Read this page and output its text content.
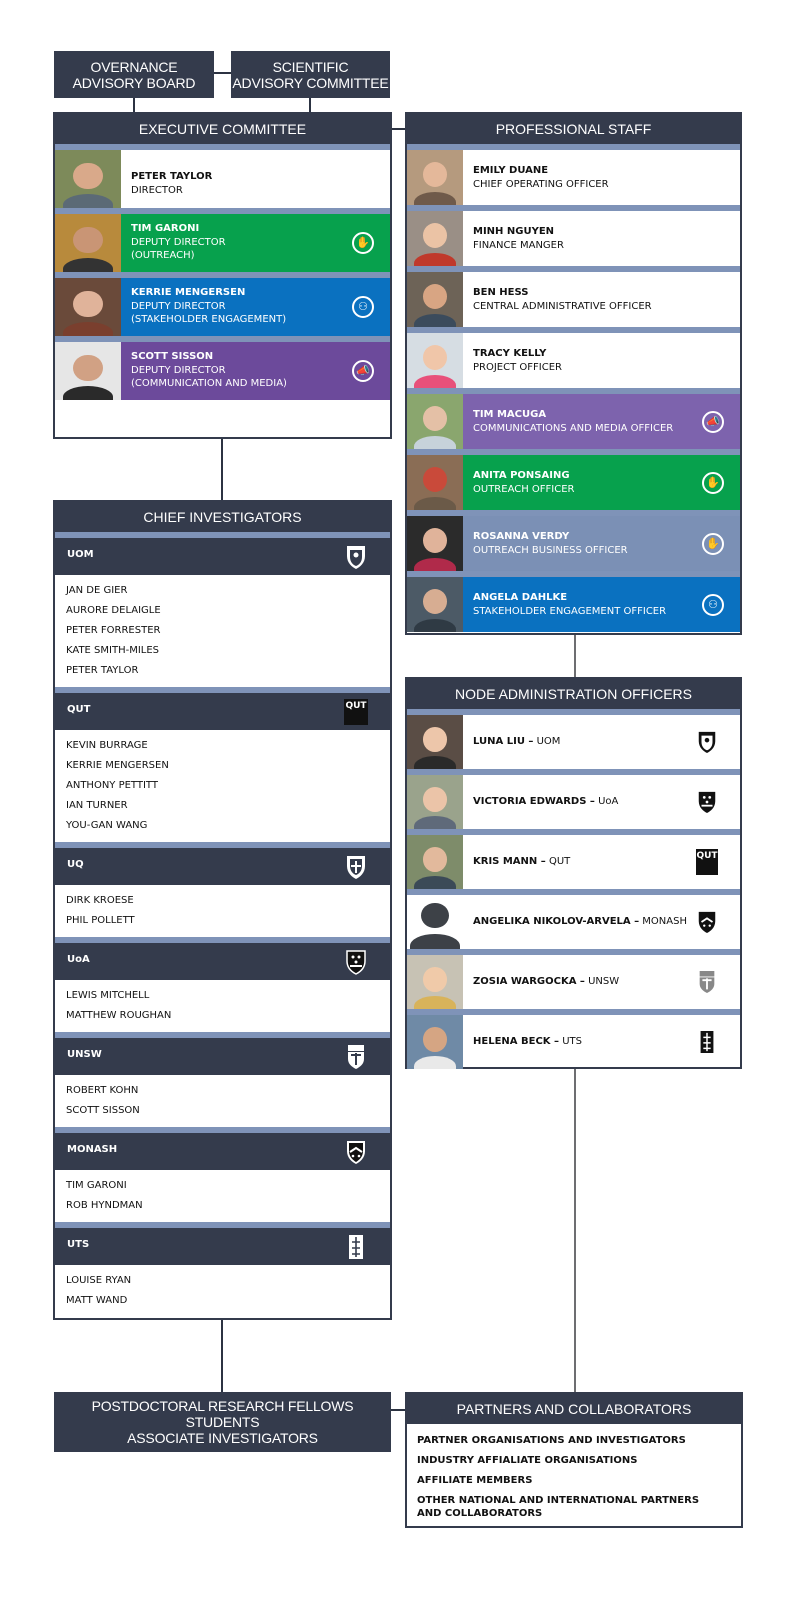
OVERNANCE
ADVISORY BOARD
SCIENTIFIC
ADVISORY COMMITTEE
EXECUTIVE COMMITTEE
PETER TAYLOR
DIRECTOR
TIM GARONI
DEPUTY DIRECTOR
(OUTREACH)
✋
KERRIE MENGERSEN
DEPUTY DIRECTOR
(STAKEHOLDER ENGAGEMENT)
⚇
SCOTT SISSON
DEPUTY DIRECTOR
(COMMUNICATION AND MEDIA)
📣
CHIEF INVESTIGATORS
UOM
JAN DE GIER
AURORE DELAIGLE
PETER FORRESTER
KATE SMITH-MILES
PETER TAYLOR
QUT	QUT
KEVIN BURRAGE
KERRIE MENGERSEN
ANTHONY PETTITT
IAN TURNER
YOU-GAN WANG
UQ
DIRK KROESE
PHIL POLLETT
UoA
LEWIS MITCHELL
MATTHEW ROUGHAN
UNSW
ROBERT KOHN
SCOTT SISSON
MONASH
TIM GARONI
ROB HYNDMAN
UTS
LOUISE RYAN
MATT WAND
PROFESSIONAL STAFF
EMILY DUANE
CHIEF OPERATING OFFICER
MINH NGUYEN
FINANCE MANGER
BEN HESS
CENTRAL ADMINISTRATIVE OFFICER
TRACY KELLY
PROJECT OFFICER
TIM MACUGA
COMMUNICATIONS AND MEDIA OFFICER
📣
ANITA PONSAING
OUTREACH OFFICER
✋
ROSANNA VERDY
OUTREACH BUSINESS OFFICER
✋
ANGELA DAHLKE
STAKEHOLDER ENGAGEMENT OFFICER
⚇
NODE ADMINISTRATION OFFICERS
LUNA LIU – UOM
VICTORIA EDWARDS – UoA
KRIS MANN – QUT	QUT
ANGELIKA NIKOLOV-ARVELA – MONASH
ZOSIA WARGOCKA – UNSW
HELENA BECK – UTS
POSTDOCTORAL RESEARCH FELLOWS
STUDENTS
ASSOCIATE INVESTIGATORS
PARTNERS AND COLLABORATORS
PARTNER ORGANISATIONS AND INVESTIGATORS
INDUSTRY AFFIALIATE ORGANISATIONS
AFFILIATE MEMBERS
OTHER NATIONAL AND INTERNATIONAL PARTNERS
AND COLLABORATORS
